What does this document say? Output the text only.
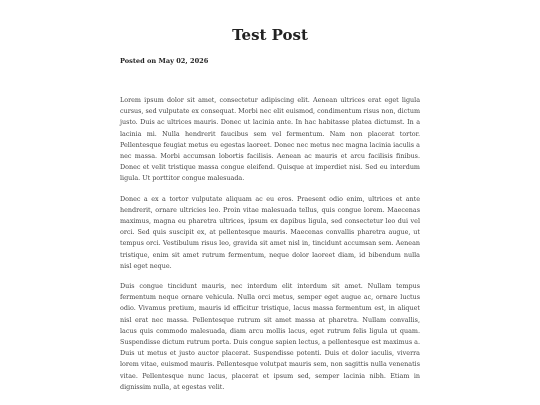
Test Post
Posted on May 02, 2026

Lorem ipsum dolor sit amet, consectetur adipiscing elit. Aenean ultrices erat eget ligula cursus, sed vulputate ex consequat. Morbi nec elit euismod, condimentum risus non, dictum justo. Duis ac ultrices mauris. Donec ut lacinia ante. In hac habitasse platea dictumst. In a lacinia mi. Nulla hendrerit faucibus sem vel fermentum. Nam non placerat tortor. Pellentesque feugiat metus eu egestas laoreet. Donec nec metus nec magna lacinia iaculis a nec massa. Morbi accumsan lobortis facilisis. Aenean ac mauris et arcu facilisis finibus. Donec et velit tristique massa congue eleifend. Quisque at imperdiet nisi. Sed eu interdum ligula. Ut porttitor congue malesuada.

Donec a ex a tortor vulputate aliquam ac eu eros. Praesent odio enim, ultrices et ante hendrerit, ornare ultricies leo. Proin vitae malesuada tellus, quis congue lorem. Maecenas maximus, magna eu pharetra ultrices, ipsum ex dapibus ligula, sed consectetur leo dui vel orci. Sed quis suscipit ex, at pellentesque mauris. Maecenas convallis pharetra augue, ut tempus orci. Vestibulum risus leo, gravida sit amet nisl in, tincidunt accumsan sem. Aenean tristique, enim sit amet rutrum fermentum, neque dolor laoreet diam, id bibendum nulla nisl eget neque.

Duis congue tincidunt mauris, nec interdum elit interdum sit amet. Nullam tempus fermentum neque ornare vehicula. Nulla orci metus, semper eget augue ac, ornare luctus odio. Vivamus pretium, mauris id efficitur tristique, lacus massa fermentum est, in aliquet nisl erat nec massa. Pellentesque rutrum sit amet massa at pharetra. Nullam convallis, lacus quis commodo malesuada, diam arcu mollis lacus, eget rutrum felis ligula ut quam. Suspendisse dictum rutrum porta. Duis congue sapien lectus, a pellentesque est maximus a. Duis ut metus et justo auctor placerat. Suspendisse potenti. Duis et dolor iaculis, viverra lorem vitae, euismod mauris. Pellentesque volutpat mauris sem, non sagittis nulla venenatis vitae. Pellentesque nunc lacus, placerat et ipsum sed, semper lacinia nibh. Etiam in dignissim nulla, at egestas velit.
